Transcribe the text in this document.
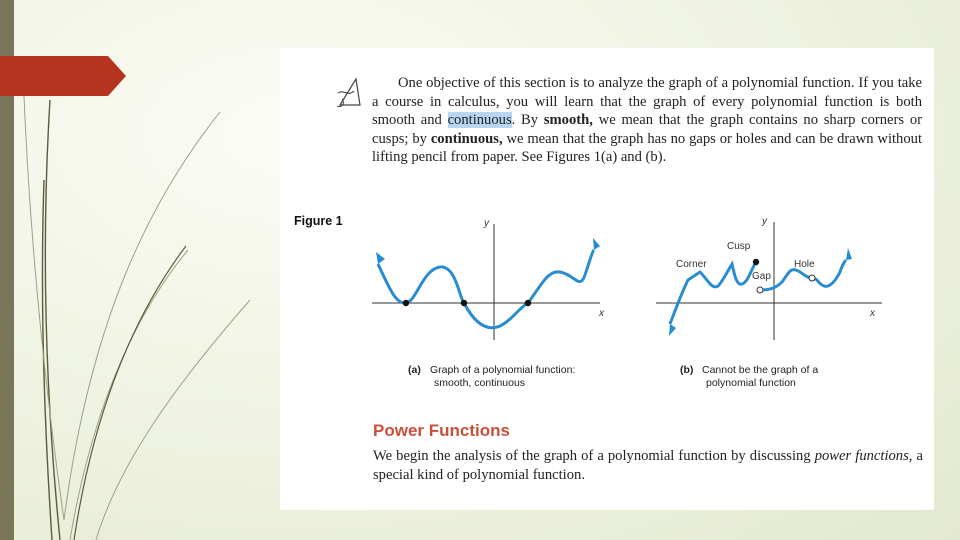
One objective of this section is to analyze the graph of a polynomial function. If you take a course in calculus, you will learn that the graph of every polynomial function is both smooth and continuous. By smooth, we mean that the graph contains no sharp corners or cusps; by continuous, we mean that the graph has no gaps or holes and can be drawn without lifting pencil from paper. See Figures 1(a) and (b).

Figure 1	y
x
(a) Graph of a polynomial function:
smooth, continuous
y
x
Corner
Cusp
Gap
Hole
(b) Cannot be the graph of a
polynomial function
Power Functions

We begin the analysis of the graph of a polynomial function by discussing power functions, a special kind of polynomial function.
